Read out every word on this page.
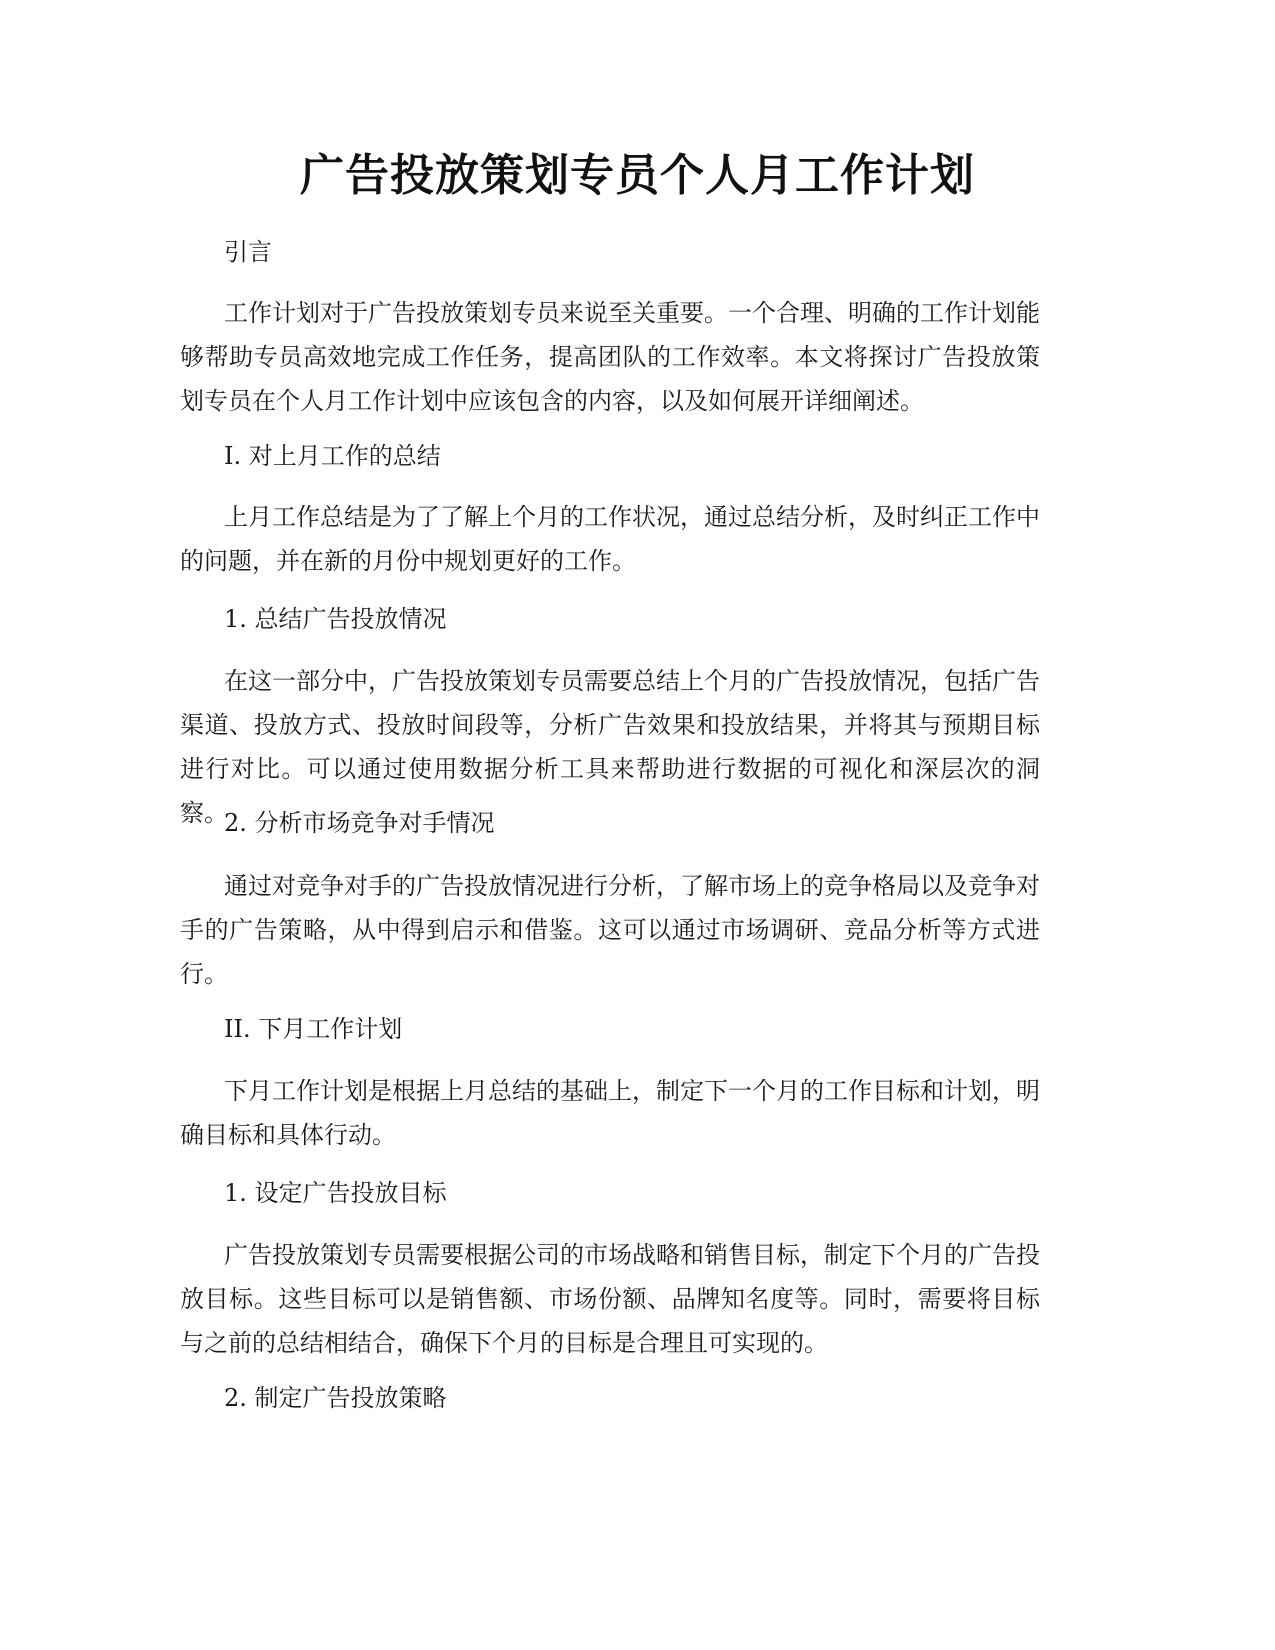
广告投放策划专员个人月工作计划

引言

工作计划对于广告投放策划专员来说至关重要。一个合理、明确的工作计划能够帮助专员高效地完成工作任务，提高团队的工作效率。本文将探讨广告投放策划专员在个人月工作计划中应该包含的内容，以及如何展开详细阐述。

I. 对上月工作的总结

上月工作总结是为了了解上个月的工作状况，通过总结分析，及时纠正工作中的问题，并在新的月份中规划更好的工作。

1. 总结广告投放情况

在这一部分中，广告投放策划专员需要总结上个月的广告投放情况，包括广告渠道、投放方式、投放时间段等，分析广告效果和投放结果，并将其与预期目标进行对比。可以通过使用数据分析工具来帮助进行数据的可视化和深层次的洞察。

2. 分析市场竞争对手情况

通过对竞争对手的广告投放情况进行分析，了解市场上的竞争格局以及竞争对手的广告策略，从中得到启示和借鉴。这可以通过市场调研、竞品分析等方式进行。

II. 下月工作计划

下月工作计划是根据上月总结的基础上，制定下一个月的工作目标和计划，明确目标和具体行动。

1. 设定广告投放目标

广告投放策划专员需要根据公司的市场战略和销售目标，制定下个月的广告投放目标。这些目标可以是销售额、市场份额、品牌知名度等。同时，需要将目标与之前的总结相结合，确保下个月的目标是合理且可实现的。

2. 制定广告投放策略
